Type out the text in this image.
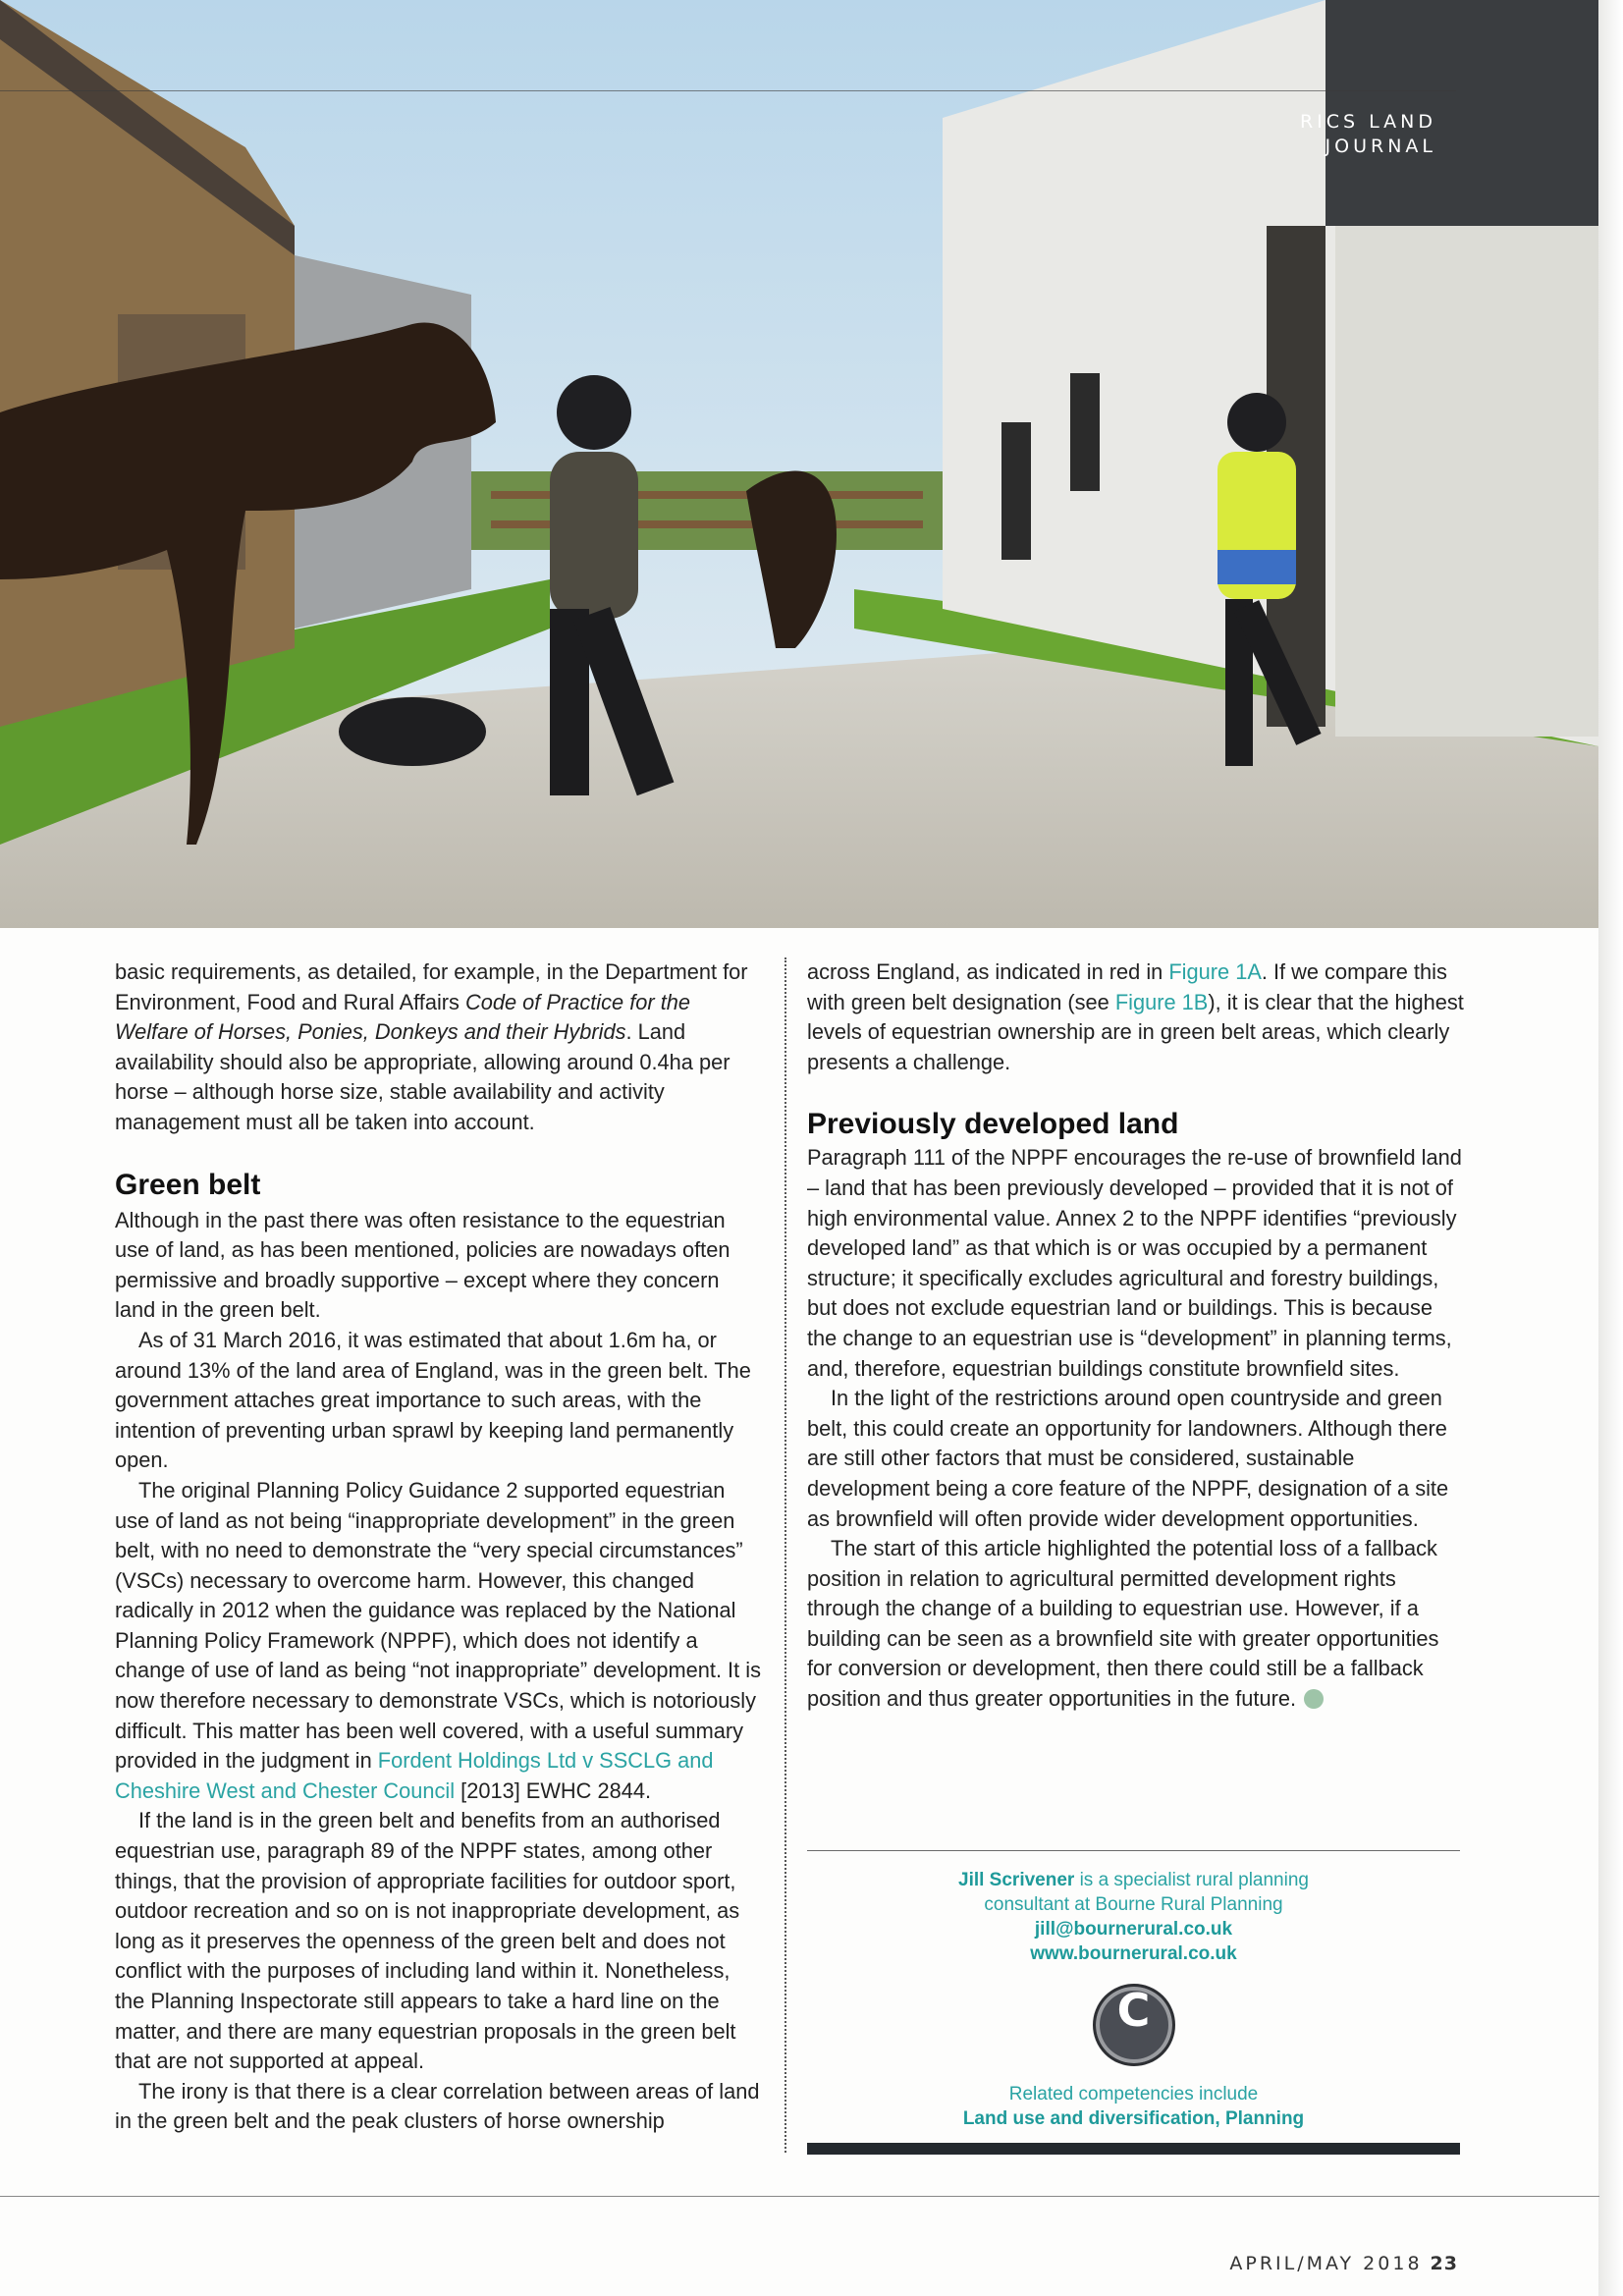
RICS LAND
JOURNAL

basic requirements, as detailed, for example, in the Department for Environment, Food and Rural Affairs Code of Practice for the Welfare of Horses, Ponies, Donkeys and their Hybrids. Land availability should also be appropriate, allowing around 0.4ha per horse – although horse size, stable availability and activity management must all be taken into account.

Green belt

Although in the past there was often resistance to the equestrian use of land, as has been mentioned, policies are nowadays often permissive and broadly supportive – except where they concern land in the green belt.

As of 31 March 2016, it was estimated that about 1.6m ha, or around 13% of the land area of England, was in the green belt. The government attaches great importance to such areas, with the intention of preventing urban sprawl by keeping land permanently open.

The original Planning Policy Guidance 2 supported equestrian use of land as not being “inappropriate development” in the green belt, with no need to demonstrate the “very special circumstances” (VSCs) necessary to overcome harm. However, this changed radically in 2012 when the guidance was replaced by the National Planning Policy Framework (NPPF), which does not identify a change of use of land as being “not inappropriate” development. It is now therefore necessary to demonstrate VSCs, which is notoriously difficult. This matter has been well covered, with a useful summary provided in the judgment in Fordent Holdings Ltd v SSCLG and Cheshire West and Chester Council [2013] EWHC 2844.

If the land is in the green belt and benefits from an authorised equestrian use, paragraph 89 of the NPPF states, among other things, that the provision of appropriate facilities for outdoor sport, outdoor recreation and so on is not inappropriate development, as long as it preserves the openness of the green belt and does not conflict with the purposes of including land within it. Nonetheless, the Planning Inspectorate still appears to take a hard line on the matter, and there are many equestrian proposals in the green belt that are not supported at appeal.

The irony is that there is a clear correlation between areas of land in the green belt and the peak clusters of horse ownership

across England, as indicated in red in Figure 1A. If we compare this with green belt designation (see Figure 1B), it is clear that the highest levels of equestrian ownership are in green belt areas, which clearly presents a challenge.

Previously developed land

Paragraph 111 of the NPPF encourages the re-use of brownfield land – land that has been previously developed – provided that it is not of high environmental value. Annex 2 to the NPPF identifies “previously developed land” as that which is or was occupied by a permanent structure; it specifically excludes agricultural and forestry buildings, but does not exclude equestrian land or buildings. This is because the change to an equestrian use is “development” in planning terms, and, therefore, equestrian buildings constitute brownfield sites.

In the light of the restrictions around open countryside and green belt, this could create an opportunity for landowners. Although there are still other factors that must be considered, sustainable development being a core feature of the NPPF, designation of a site as brownfield will often provide wider development opportunities.

The start of this article highlighted the potential loss of a fallback position in relation to agricultural permitted development rights through the change of a building to equestrian use. However, if a building can be seen as a brownfield site with greater opportunities for conversion or development, then there could still be a fallback position and thus greater opportunities in the future.

Jill Scrivener is a specialist rural planning
consultant at Bourne Rural Planning
jill@bournerural.co.uk
www.bournerural.co.uk
C
Related competencies include
Land use and diversification, Planning
APRIL/MAY 2018 23
